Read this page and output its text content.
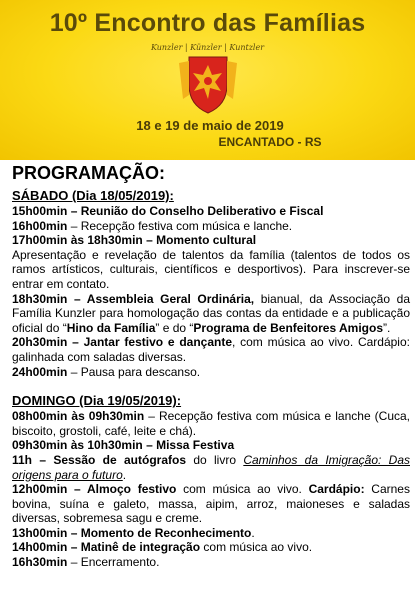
10º Encontro das Famílias
Kunzler | Künzler | Kuntzler
18 e 19 de maio de 2019
ENCANTADO - RS
PROGRAMAÇÃO:
SÁBADO (Dia 18/05/2019):

15h00min – Reunião do Conselho Deliberativo e Fiscal

16h00min – Recepção festiva com música e lanche.

17h00min às 18h30min – Momento cultural

Apresentação e revelação de talentos da família (talentos de todos os ramos artísticos, culturais, científicos e desportivos). Para inscrever-se entrar em contato.

18h30min – Assembleia Geral Ordinária, bianual, da Associação da Família Kunzler para homologação das contas da entidade e a publicação oficial do “Hino da Família” e do “Programa de Benfeitores Amigos”.

20h30min – Jantar festivo e dançante, com música ao vivo. Cardápio: galinhada com saladas diversas.

24h00min – Pausa para descanso.

DOMINGO (Dia 19/05/2019):

08h00min às 09h30min – Recepção festiva com música e lanche (Cuca, biscoito, grostoli, café, leite e chá).

09h30min às 10h30min – Missa Festiva

11h – Sessão de autógrafos do livro Caminhos da Imigração: Das origens para o futuro.

12h00min – Almoço festivo com música ao vivo. Cardápio: Carnes bovina, suína e galeto, massa, aipim, arroz, maioneses e saladas diversas, sobremesa sagu e creme.

13h00min – Momento de Reconhecimento.

14h00min – Matinê de integração com música ao vivo.

16h30min – Encerramento.
